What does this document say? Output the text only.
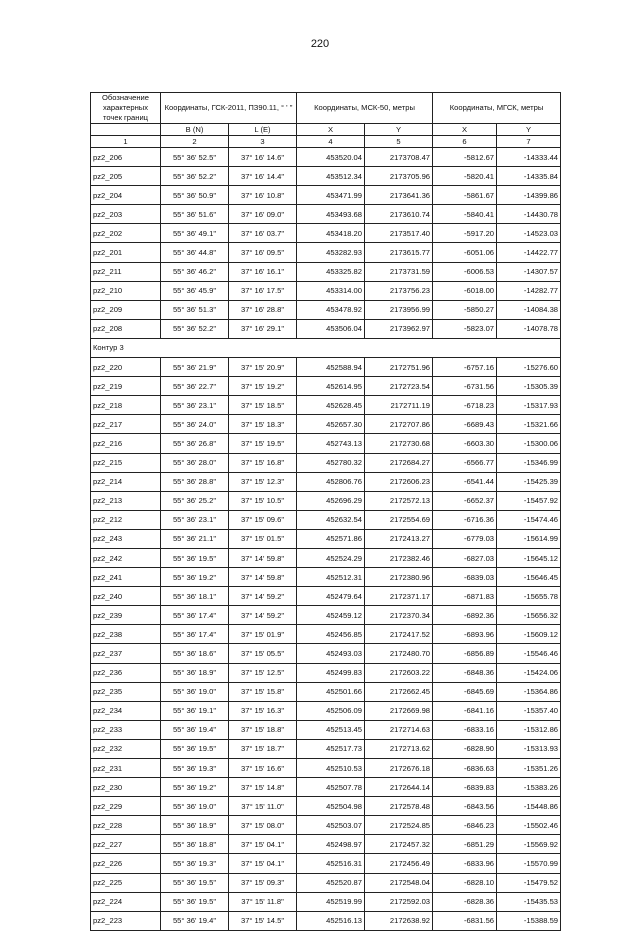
220
Обозначение характерных точек границ	Координаты, ГСК-2011, ПЗ90.11, ° ' "		Координаты, МСК-50, метры		Координаты, МГСК, метры	
	B (N)	L (E)	X	Y	X	Y
1	2	3	4	5	6	7
pz2_206	55° 36' 52.5"	37° 16' 14.6"	453520.04	2173708.47	-5812.67	-14333.44
pz2_205	55° 36' 52.2"	37° 16' 14.4"	453512.34	2173705.96	-5820.41	-14335.84
pz2_204	55° 36' 50.9"	37° 16' 10.8"	453471.99	2173641.36	-5861.67	-14399.86
pz2_203	55° 36' 51.6"	37° 16' 09.0"	453493.68	2173610.74	-5840.41	-14430.78
pz2_202	55° 36' 49.1"	37° 16' 03.7"	453418.20	2173517.40	-5917.20	-14523.03
pz2_201	55° 36' 44.8"	37° 16' 09.5"	453282.93	2173615.77	-6051.06	-14422.77
pz2_211	55° 36' 46.2"	37° 16' 16.1"	453325.82	2173731.59	-6006.53	-14307.57
pz2_210	55° 36' 45.9"	37° 16' 17.5"	453314.00	2173756.23	-6018.00	-14282.77
pz2_209	55° 36' 51.3"	37° 16' 28.8"	453478.92	2173956.99	-5850.27	-14084.38
pz2_208	55° 36' 52.2"	37° 16' 29.1"	453506.04	2173962.97	-5823.07	-14078.78
Контур 3						
pz2_220	55° 36' 21.9"	37° 15' 20.9"	452588.94	2172751.96	-6757.16	-15276.60
pz2_219	55° 36' 22.7"	37° 15' 19.2"	452614.95	2172723.54	-6731.56	-15305.39
pz2_218	55° 36' 23.1"	37° 15' 18.5"	452628.45	2172711.19	-6718.23	-15317.93
pz2_217	55° 36' 24.0"	37° 15' 18.3"	452657.30	2172707.86	-6689.43	-15321.66
pz2_216	55° 36' 26.8"	37° 15' 19.5"	452743.13	2172730.68	-6603.30	-15300.06
pz2_215	55° 36' 28.0"	37° 15' 16.8"	452780.32	2172684.27	-6566.77	-15346.99
pz2_214	55° 36' 28.8"	37° 15' 12.3"	452806.76	2172606.23	-6541.44	-15425.39
pz2_213	55° 36' 25.2"	37° 15' 10.5"	452696.29	2172572.13	-6652.37	-15457.92
pz2_212	55° 36' 23.1"	37° 15' 09.6"	452632.54	2172554.69	-6716.36	-15474.46
pz2_243	55° 36' 21.1"	37° 15' 01.5"	452571.86	2172413.27	-6779.03	-15614.99
pz2_242	55° 36' 19.5"	37° 14' 59.8"	452524.29	2172382.46	-6827.03	-15645.12
pz2_241	55° 36' 19.2"	37° 14' 59.8"	452512.31	2172380.96	-6839.03	-15646.45
pz2_240	55° 36' 18.1"	37° 14' 59.2"	452479.64	2172371.17	-6871.83	-15655.78
pz2_239	55° 36' 17.4"	37° 14' 59.2"	452459.12	2172370.34	-6892.36	-15656.32
pz2_238	55° 36' 17.4"	37° 15' 01.9"	452456.85	2172417.52	-6893.96	-15609.12
pz2_237	55° 36' 18.6"	37° 15' 05.5"	452493.03	2172480.70	-6856.89	-15546.46
pz2_236	55° 36' 18.9"	37° 15' 12.5"	452499.83	2172603.22	-6848.36	-15424.06
pz2_235	55° 36' 19.0"	37° 15' 15.8"	452501.66	2172662.45	-6845.69	-15364.86
pz2_234	55° 36' 19.1"	37° 15' 16.3"	452506.09	2172669.98	-6841.16	-15357.40
pz2_233	55° 36' 19.4"	37° 15' 18.8"	452513.45	2172714.63	-6833.16	-15312.86
pz2_232	55° 36' 19.5"	37° 15' 18.7"	452517.73	2172713.62	-6828.90	-15313.93
pz2_231	55° 36' 19.3"	37° 15' 16.6"	452510.53	2172676.18	-6836.63	-15351.26
pz2_230	55° 36' 19.2"	37° 15' 14.8"	452507.78	2172644.14	-6839.83	-15383.26
pz2_229	55° 36' 19.0"	37° 15' 11.0"	452504.98	2172578.48	-6843.56	-15448.86
pz2_228	55° 36' 18.9"	37° 15' 08.0"	452503.07	2172524.85	-6846.23	-15502.46
pz2_227	55° 36' 18.8"	37° 15' 04.1"	452498.97	2172457.32	-6851.29	-15569.92
pz2_226	55° 36' 19.3"	37° 15' 04.1"	452516.31	2172456.49	-6833.96	-15570.99
pz2_225	55° 36' 19.5"	37° 15' 09.3"	452520.87	2172548.04	-6828.10	-15479.52
pz2_224	55° 36' 19.5"	37° 15' 11.8"	452519.99	2172592.03	-6828.36	-15435.53
pz2_223	55° 36' 19.4"	37° 15' 14.5"	452516.13	2172638.92	-6831.56	-15388.59
